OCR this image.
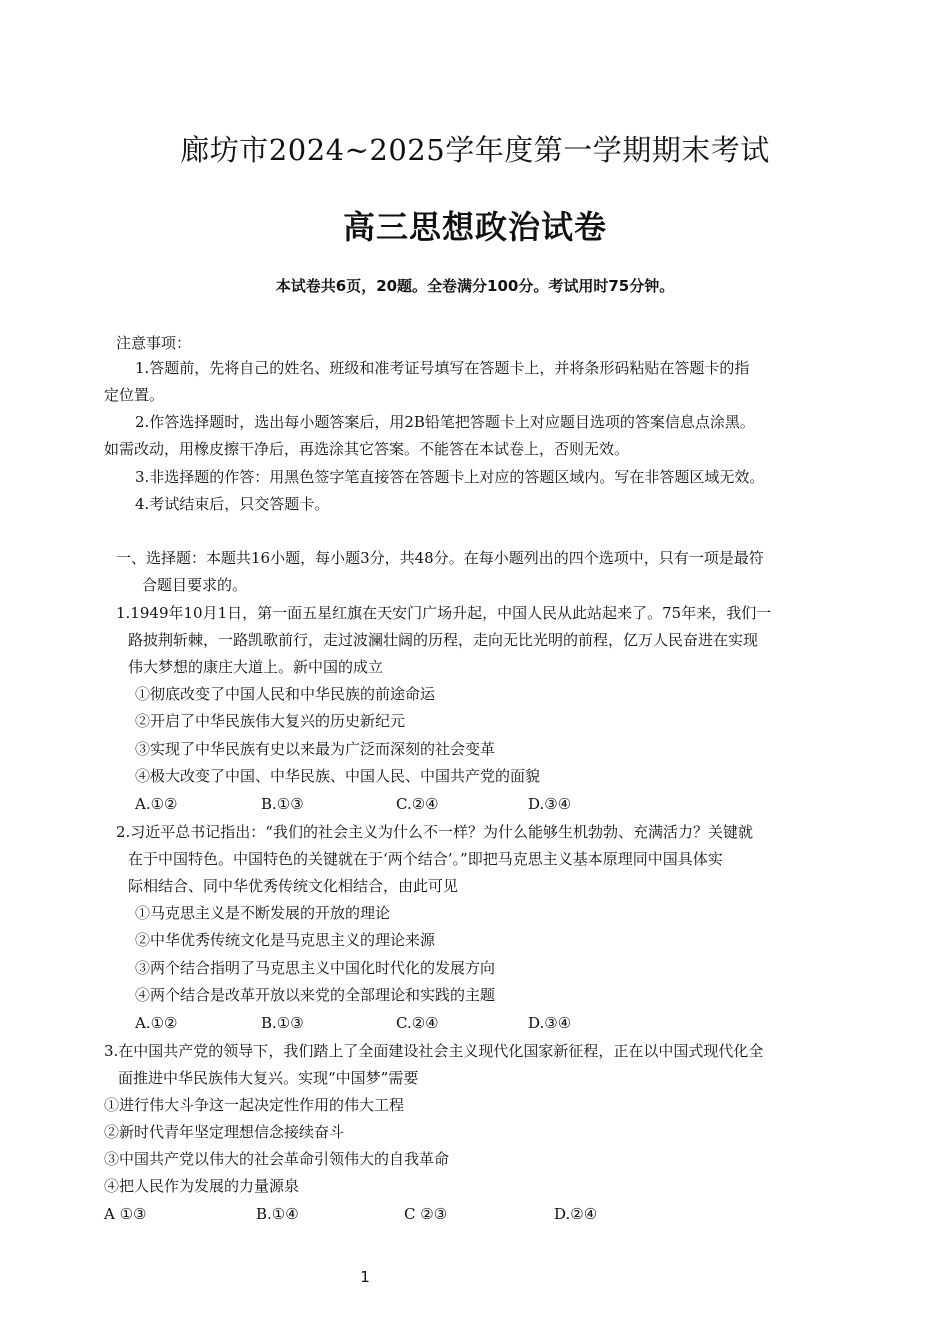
廊坊市2024~2025学年度第一学期期末考试
高三思想政治试卷
本试卷共6页，20题。全卷满分100分。考试用时75分钟。
注意事项：
1.答题前，先将自己的姓名、班级和准考证号填写在答题卡上，并将条形码粘贴在答题卡的指
定位置。
2.作答选择题时，选出每小题答案后，用2B铅笔把答题卡上对应题目选项的答案信息点涂黑。
如需改动，用橡皮擦干净后，再选涂其它答案。不能答在本试卷上，否则无效。
3.非选择题的作答：用黑色签字笔直接答在答题卡上对应的答题区域内。写在非答题区域无效。
4.考试结束后，只交答题卡。
一、选择题：本题共16小题，每小题3分，共48分。在每小题列出的四个选项中，只有一项是最符
合题目要求的。
1.1949年10月1日，第一面五星红旗在天安门广场升起，中国人民从此站起来了。75年来，我们一
路披荆斩棘，一路凯歌前行，走过波澜壮阔的历程，走向无比光明的前程，亿万人民奋进在实现
伟大梦想的康庄大道上。新中国的成立
①彻底改变了中国人民和中华民族的前途命运
②开启了中华民族伟大复兴的历史新纪元
③实现了中华民族有史以来最为广泛而深刻的社会变革
④极大改变了中国、中华民族、中国人民、中国共产党的面貌
A.①②	B.①③	C.②④	D.③④
2.习近平总书记指出：“我们的社会主义为什么不一样？为什么能够生机勃勃、充满活力？关键就
在于中国特色。中国特色的关键就在于‘两个结合’。”即把马克思主义基本原理同中国具体实
际相结合、同中华优秀传统文化相结合，由此可见
①马克思主义是不断发展的开放的理论
②中华优秀传统文化是马克思主义的理论来源
③两个结合指明了马克思主义中国化时代化的发展方向
④两个结合是改革开放以来党的全部理论和实践的主题
A.①②	B.①③	C.②④	D.③④
3.在中国共产党的领导下，我们踏上了全面建设社会主义现代化国家新征程，正在以中国式现代化全
面推进中华民族伟大复兴。实现“中国梦”需要
①进行伟大斗争这一起决定性作用的伟大工程
②新时代青年坚定理想信念接续奋斗
③中国共产党以伟大的社会革命引领伟大的自我革命
④把人民作为发展的力量源泉
A ①③	B.①④	C ②③	D.②④
1
